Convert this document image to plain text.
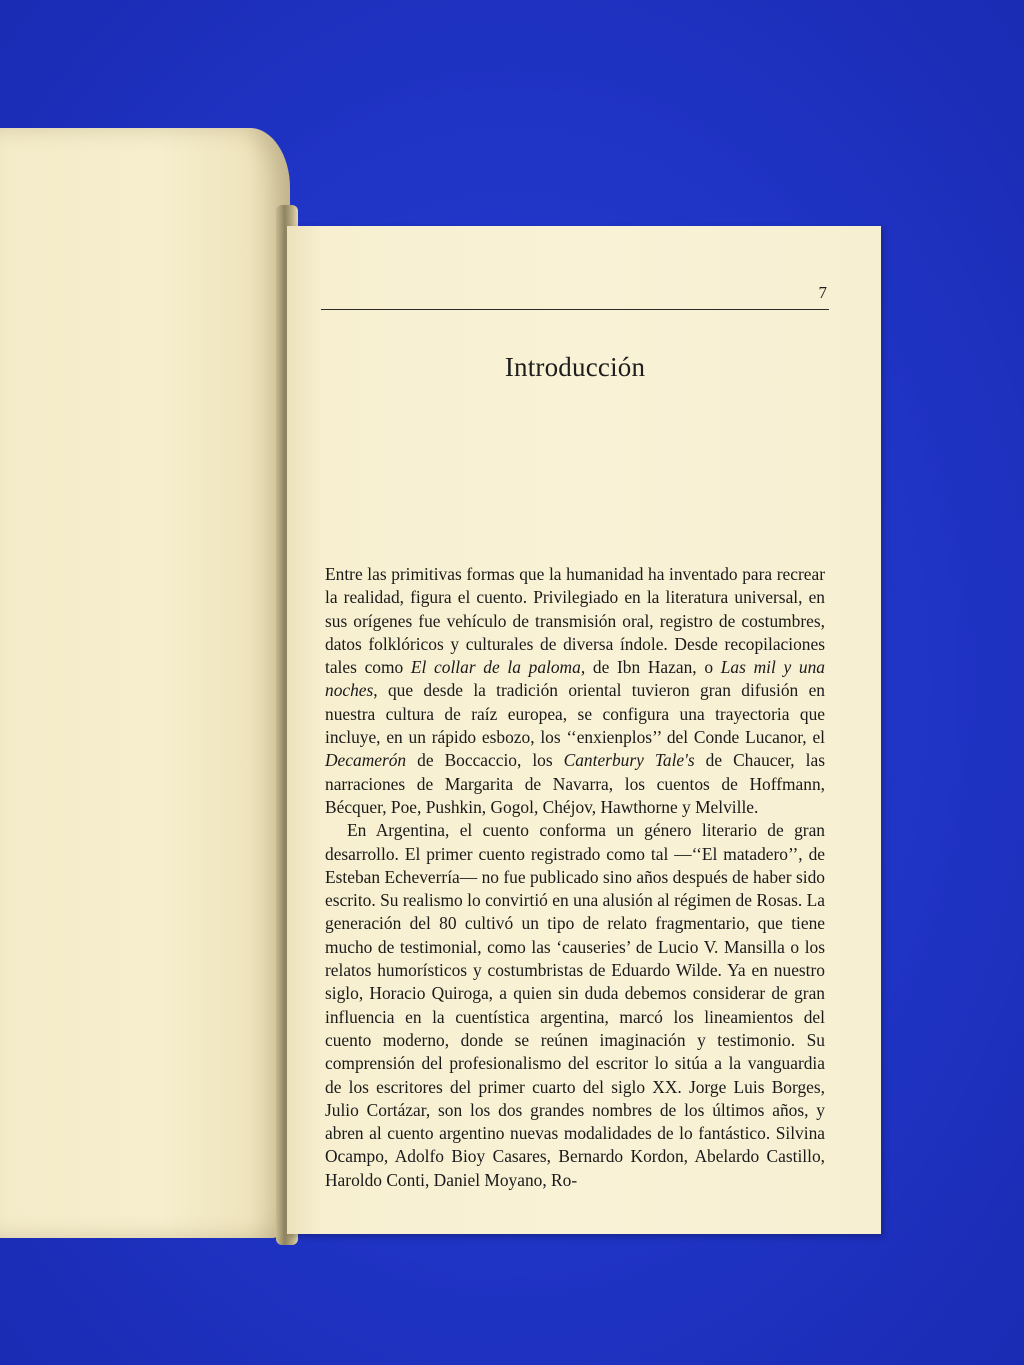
7
Introducción

Entre las primitivas formas que la humanidad ha inventado para recrear la realidad, figura el cuento. Privilegiado en la literatura universal, en sus orígenes fue vehículo de transmisión oral, registro de costumbres, datos folklóricos y culturales de diversa índole. Desde recopilaciones tales como El collar de la paloma, de Ibn Hazan, o Las mil y una noches, que desde la tradición oriental tuvieron gran difusión en nuestra cultura de raíz europea, se configura una trayectoria que incluye, en un rápido esbozo, los ‘‘enxienplos’’ del Conde Lucanor, el Decamerón de Boccaccio, los Canterbury Tale's de Chaucer, las narraciones de Margarita de Navarra, los cuentos de Hoffmann, Bécquer, Poe, Pushkin, Gogol, Chéjov, Hawthorne y Melville.

En Argentina, el cuento conforma un género literario de gran desarrollo. El primer cuento registrado como tal —‘‘El matadero’’, de Esteban Echeverría— no fue publicado sino años después de haber sido escrito. Su realismo lo convirtió en una alusión al régimen de Rosas. La generación del 80 cultivó un tipo de relato fragmentario, que tiene mucho de testimonial, como las ‘causeries’ de Lucio V. Mansilla o los relatos humorísticos y costumbristas de Eduardo Wilde. Ya en nuestro siglo, Horacio Quiroga, a quien sin duda debemos considerar de gran influencia en la cuentística argentina, marcó los lineamientos del cuento moderno, donde se reúnen imaginación y testimonio. Su comprensión del profesionalismo del escritor lo sitúa a la vanguardia de los escritores del primer cuarto del siglo XX. Jorge Luis Borges, Julio Cortázar, son los dos grandes nombres de los últimos años, y abren al cuento argentino nuevas modalidades de lo fantástico. Silvina Ocampo, Adolfo Bioy Casares, Bernardo Kordon, Abelardo Castillo, Haroldo Conti, Daniel Moyano, Ro-
